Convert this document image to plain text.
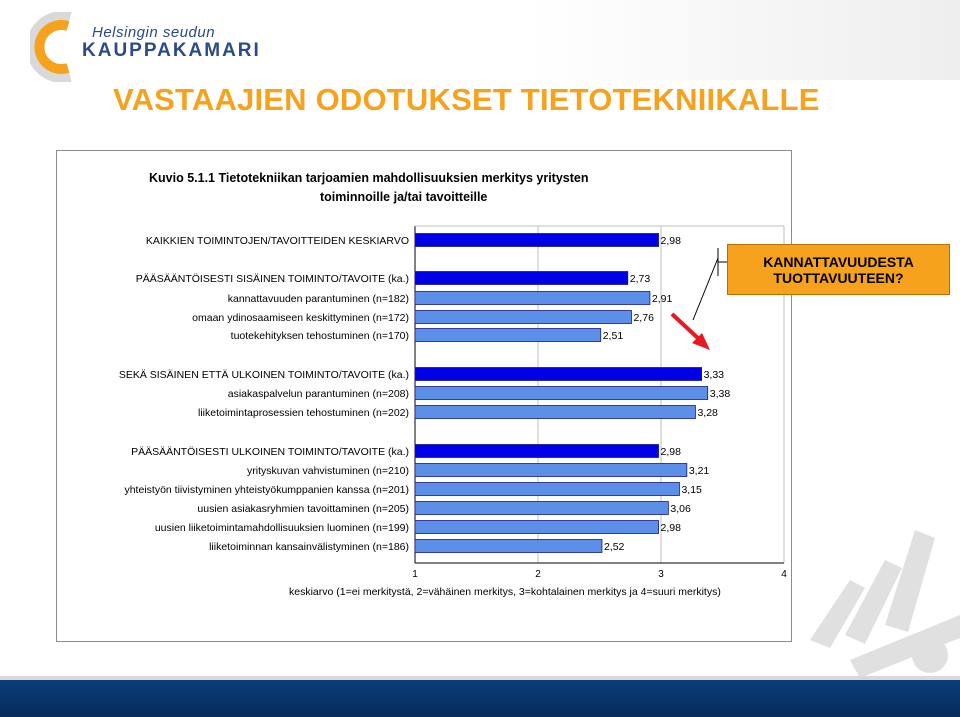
Helsingin seudun
KAUPPAKAMARI
VASTAAJIEN ODOTUKSET TIETOTEKNIIKALLE
Kuvio 5.1.1 Tietotekniikan tarjoamien mahdollisuuksien merkitys yritysten
toiminnoille ja/tai tavoitteille
1	2	3	4
KAIKKIEN TOIMINTOJEN/TAVOITTEIDEN KESKIARVO	2,98
PÄÄSÄÄNTÖISESTI SISÄINEN TOIMINTO/TAVOITE (ka.)	2,73
kannattavuuden parantuminen (n=182)	2,91
omaan ydinosaamiseen keskittyminen (n=172)	2,76
tuotekehityksen tehostuminen (n=170)	2,51
SEKÄ SISÄINEN ETTÄ ULKOINEN TOIMINTO/TAVOITE (ka.)	3,33
asiakaspalvelun parantuminen (n=208)	3,38
liiketoimintaprosessien tehostuminen (n=202)	3,28
PÄÄSÄÄNTÖISESTI ULKOINEN TOIMINTO/TAVOITE (ka.)	2,98
yrityskuvan vahvistuminen (n=210)	3,21
yhteistyön tiivistyminen yhteistyökumppanien kanssa (n=201)	3,15
uusien asiakasryhmien tavoittaminen (n=205)	3,06
uusien liiketoimintamahdollisuuksien luominen (n=199)	2,98
liiketoiminnan kansainvälistyminen (n=186)	2,52
keskiarvo (1=ei merkitystä, 2=vähäinen merkitys, 3=kohtalainen merkitys ja 4=suuri merkitys)
KANNATTAVUUDESTA
TUOTTAVUUTEEN?
